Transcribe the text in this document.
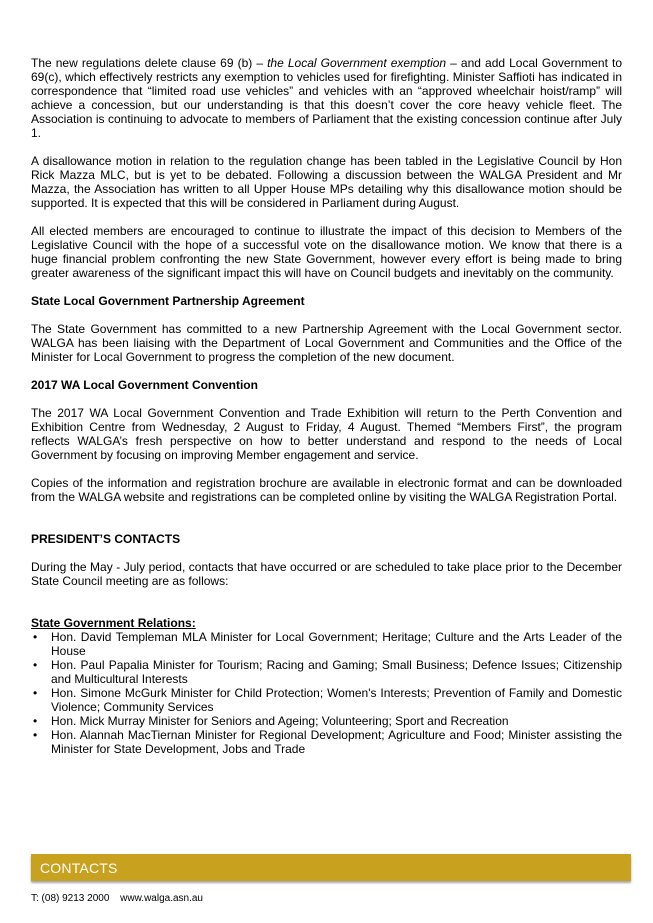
The new regulations delete clause 69 (b) – the Local Government exemption – and add Local Government to 69(c), which effectively restricts any exemption to vehicles used for firefighting. Minister Saffioti has indicated in correspondence that “limited road use vehicles” and vehicles with an “approved wheelchair hoist/ramp” will achieve a concession, but our understanding is that this doesn’t cover the core heavy vehicle fleet. The Association is continuing to advocate to members of Parliament that the existing concession continue after July 1.

A disallowance motion in relation to the regulation change has been tabled in the Legislative Council by Hon Rick Mazza MLC, but is yet to be debated. Following a discussion between the WALGA President and Mr Mazza, the Association has written to all Upper House MPs detailing why this disallowance motion should be supported. It is expected that this will be considered in Parliament during August.

All elected members are encouraged to continue to illustrate the impact of this decision to Members of the Legislative Council with the hope of a successful vote on the disallowance motion. We know that there is a huge financial problem confronting the new State Government, however every effort is being made to bring greater awareness of the significant impact this will have on Council budgets and inevitably on the community.

State Local Government Partnership Agreement

The State Government has committed to a new Partnership Agreement with the Local Government sector. WALGA has been liaising with the Department of Local Government and Communities and the Office of the Minister for Local Government to progress the completion of the new document.

2017 WA Local Government Convention

The 2017 WA Local Government Convention and Trade Exhibition will return to the Perth Convention and Exhibition Centre from Wednesday, 2 August to Friday, 4 August. Themed “Members First”, the program reflects WALGA’s fresh perspective on how to better understand and respond to the needs of Local Government by focusing on improving Member engagement and service.

Copies of the information and registration brochure are available in electronic format and can be downloaded from the WALGA website and registrations can be completed online by visiting the WALGA Registration Portal.

PRESIDENT’S CONTACTS

During the May - July period, contacts that have occurred or are scheduled to take place prior to the December State Council meeting are as follows:

State Government Relations:
• Hon. David Templeman MLA Minister for Local Government; Heritage; Culture and the Arts Leader of the House
• Hon. Paul Papalia Minister for Tourism; Racing and Gaming; Small Business; Defence Issues; Citizenship and Multicultural Interests
• Hon. Simone McGurk Minister for Child Protection; Women's Interests; Prevention of Family and Domestic Violence; Community Services
• Hon. Mick Murray Minister for Seniors and Ageing; Volunteering; Sport and Recreation
• Hon. Alannah MacTiernan Minister for Regional Development; Agriculture and Food; Minister assisting the Minister for State Development, Jobs and Trade
CONTACTS
T: (08) 9213 2000 www.walga.asn.au
